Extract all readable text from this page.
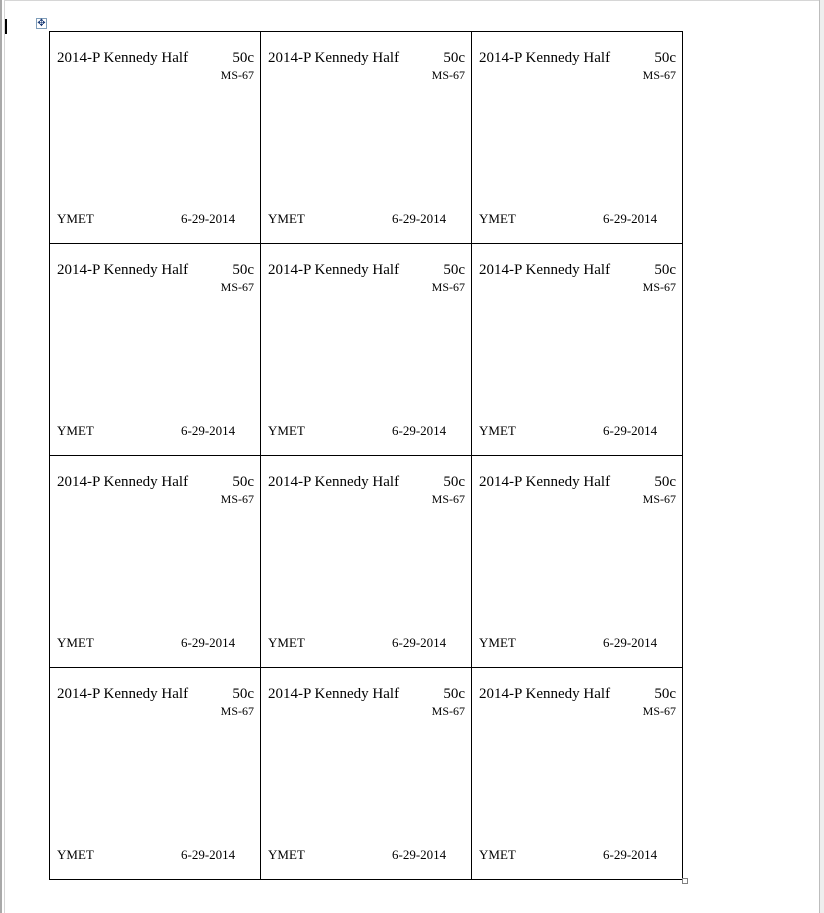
✥
2014-P Kennedy Half 50c
MS-67
YMET 6-29-2014	2014-P Kennedy Half 50c
MS-67
YMET 6-29-2014	2014-P Kennedy Half 50c
MS-67
YMET 6-29-2014

2014-P Kennedy Half 50c
MS-67
YMET 6-29-2014	2014-P Kennedy Half 50c
MS-67
YMET 6-29-2014	2014-P Kennedy Half 50c
MS-67
YMET 6-29-2014

2014-P Kennedy Half 50c
MS-67
YMET 6-29-2014	2014-P Kennedy Half 50c
MS-67
YMET 6-29-2014	2014-P Kennedy Half 50c
MS-67
YMET 6-29-2014

2014-P Kennedy Half 50c
MS-67
YMET 6-29-2014	2014-P Kennedy Half 50c
MS-67
YMET 6-29-2014	2014-P Kennedy Half 50c
MS-67
YMET 6-29-2014
